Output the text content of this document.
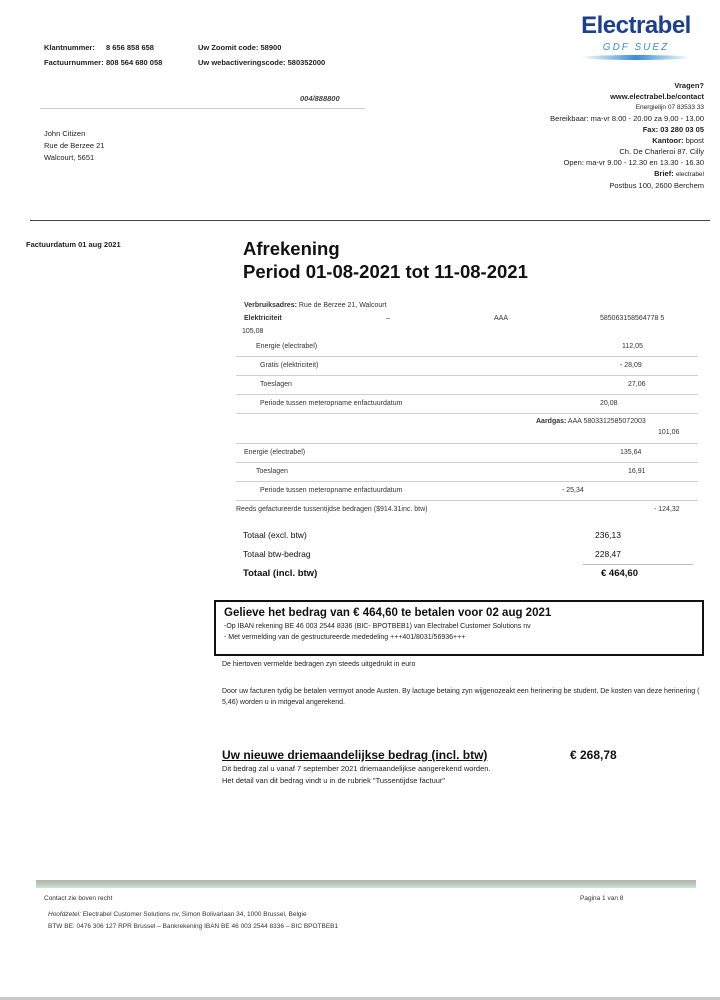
Klantnummer: 8 656 858 658	Uw Zoomit code: 58900
Factuurnummer: 808 564 680 058	Uw webactiveringscode: 580352000
Electrabel
GDF SUEZ
Vragen?
www.electrabel.be/contact
Energielijn 07 83533 33
Bereikbaar: ma-vr 8.00 - 20.00 za 9.00 - 13.00
Fax: 03 280 03 05
Kantoor: bpost
Ch. De Charleroi 87. Cilly
Open: ma-vr 9.00 - 12.30 en 13.30 - 16.30
Brief: electrabel
Postbus 100, 2600 Berchem
004/888800
John Citizen
Rue de Berzee 21
Walcourt, 5651
Factuurdatum 01 aug 2021	Afrekening
Period 01-08-2021 tot 11-08-2021
Verbruiksadres: Rue de Berzee 21, Walcourt
Elektriciteit	–	AAA	585063158564778 5
105,08
Energie (electrabel)	112,05
Gratis (elektriciteit)	- 28,09
Toeslagen	27,06
Periode tussen meteropname enfactuurdatum	20,08
Aardgas: AAA 5803312585072003
101,06
Energie (electrabel)	135,64
Toeslagen	16,91
Periode tussen meteropname enfactuurdatum	- 25,34
Reeds gefactureerde tussentijdse bedragen ($914.31inc. btw)	- 124,32
Totaal (excl. btw)	236,13
Totaal btw-bedrag	228,47
Totaal (incl. btw)	€ 464,60
Gelieve het bedrag van € 464,60 te betalen voor 02 aug 2021
-Op IBAN rekening BE 46 003 2544 8336 (BIC- BPOTBEB1) van Electrabel Customer Solutions nv
- Met vermelding van de gestructureerde mededeling +++401/8031/56936+++
De hiertoven vermelde bedragen zyn steeds uitgedrukt in euro
Door uw facturen tydig be betalen vermyot anode Austen. By lactuge betaing zyn wijgenozeakt een herinering be student. De kosten van deze herinering ( 5,46) worden u in mitgeval angerekend.
Uw nieuwe driemaandelijkse bedrag (incl. btw)	€ 268,78
Dit bedrag zal u vanaf 7 september 2021 driemaandelijkse aangerekend worden.
Het detail van dit bedrag vindt u in de rubriek "Tussentijdse factuur"
Contact zie boven recht	Pagina 1 van 8
Hoofdzetel: Electrabel Customer Solutions nv, Simon Bolivarlaan 34, 1000 Brussel, Belgie
BTW BE: 0476 306 127 RPR Brussel – Bankrekening IBAN BE 46 003 2544 8336 – BIC BPOTBEB1
